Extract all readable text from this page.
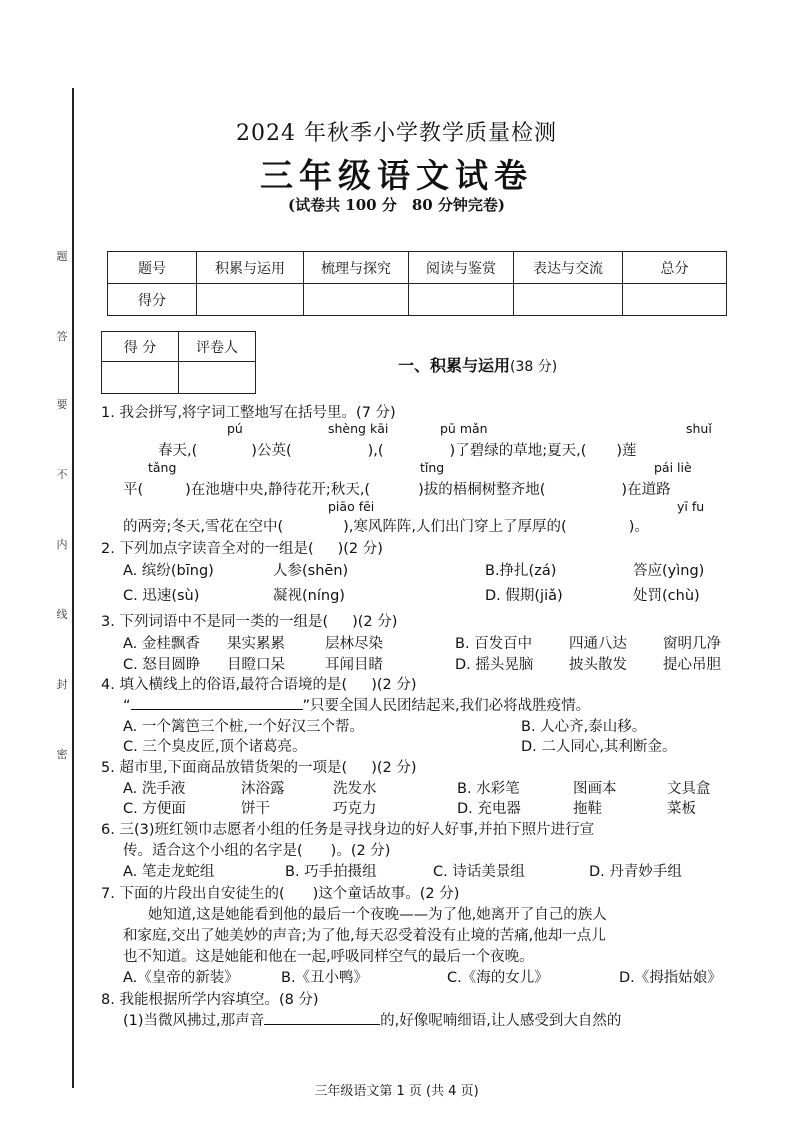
题
答
要
不
内
线
封
密
2024 年秋季小学教学质量检测
三年级语文试卷
(试卷共 100 分　80 分钟完卷)
题号	积累与运用	梳理与探究	阅读与鉴赏	表达与交流	总分
得分					
得 分	评卷人

一、积累与运用(38 分)
1. 我会拼写,将字词工整地写在括号里。(7 分)
pú	shèng kāi	pū mǎn	shuǐ
春天,(	)公英(	),(	)了碧绿的草地;夏天,( )莲
tǎng	tǐng	pái liè
平(	)在池塘中央,静待花开;秋天,(	)拔的梧桐树整齐地(	)在道路
piāo fēi	yī fu
的两旁;冬天,雪花在空中(	),寒风阵阵,人们出门穿上了厚厚的(	)。
2. 下列加点字读音全对的一组是( )(2 分)
A. 缤纷(bīng)	人参(shēn)	B.挣扎(zá)	答应(yìng)
C. 迅速(sù)	凝视(níng)	D. 假期(jiǎ)	处罚(chù)
3. 下列词语中不是同一类的一组是( )(2 分)
A. 金桂飘香 果实累累	层林尽染	B. 百发百中	四通八达 窗明几净
C. 怒目圆睁 目瞪口呆	耳闻目睹	D. 摇头晃脑 披头散发 提心吊胆
4. 填入横线上的俗语,最符合语境的是( )(2 分)
“	”只要全国人民团结起来,我们必将战胜疫情。
A. 一个篱笆三个桩,一个好汉三个帮。	B. 人心齐,泰山移。
C. 三个臭皮匠,顶个诸葛亮。	D. 二人同心,其利断金。
5. 超市里,下面商品放错货架的一项是( )(2 分)
A. 洗手液	沐浴露	洗发水	B. 水彩笔	图画本	文具盒
C. 方便面	饼干	巧克力	D. 充电器	拖鞋	菜板
6. 三(3)班红领巾志愿者小组的任务是寻找身边的好人好事,并拍下照片进行宣
传。适合这个小组的名字是( )。(2 分)
A. 笔走龙蛇组	B. 巧手拍摄组	C. 诗话美景组	D. 丹青妙手组
7. 下面的片段出自安徒生的( )这个童话故事。(2 分)
她知道,这是她能看到他的最后一个夜晚——为了他,她离开了自己的族人
和家庭,交出了她美妙的声音;为了他,每天忍受着没有止境的苦痛,他却一点儿
也不知道。这是她能和他在一起,呼吸同样空气的最后一个夜晚。
A.《皇帝的新装》	B.《丑小鸭》	C.《海的女儿》	D.《拇指姑娘》
8. 我能根据所学内容填空。(8 分)
(1)当微风拂过,那声音	的,好像呢喃细语,让人感受到大自然的
三年级语文第 1 页 (共 4 页)
